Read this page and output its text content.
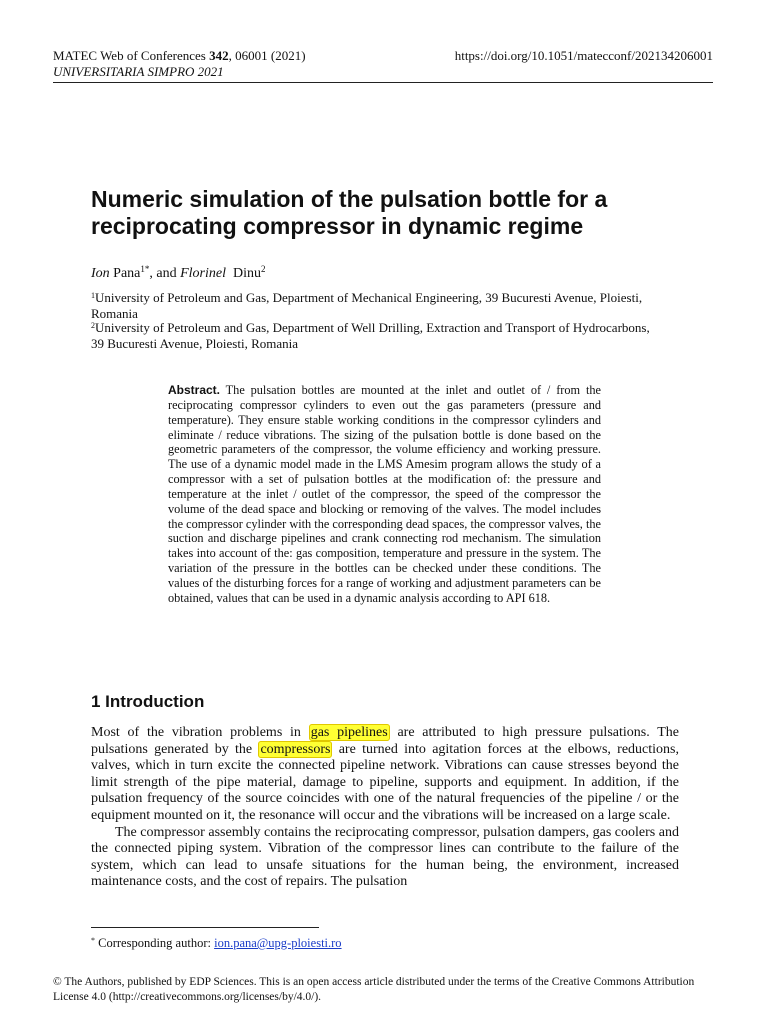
MATEC Web of Conferences 342, 06001 (2021)
UNIVERSITARIA SIMPRO 2021
https://doi.org/10.1051/matecconf/202134206001
Numeric simulation of the pulsation bottle for a reciprocating compressor in dynamic regime
Ion Pana$^{1*}$, and Florinel Dinu$^2$
$^1$University of Petroleum and Gas, Department of Mechanical Engineering, 39 Bucuresti Avenue, Ploiesti, Romania
$^2$University of Petroleum and Gas, Department of Well Drilling, Extraction and Transport of Hydrocarbons, 39 Bucuresti Avenue, Ploiesti, Romania
Abstract. The pulsation bottles are mounted at the inlet and outlet of / from the reciprocating compressor cylinders to even out the gas parameters (pressure and temperature). They ensure stable working conditions in the compressor cylinders and eliminate / reduce vibrations. The sizing of the pulsation bottle is done based on the geometric parameters of the compressor, the volume efficiency and working pressure. The use of a dynamic model made in the LMS Amesim program allows the study of a compressor with a set of pulsation bottles at the modification of: the pressure and temperature at the inlet / outlet of the compressor, the speed of the compressor the volume of the dead space and blocking or removing of the valves. The model includes the compressor cylinder with the corresponding dead spaces, the compressor valves, the suction and discharge pipelines and crank connecting rod mechanism. The simulation takes into account of the: gas composition, temperature and pressure in the system. The variation of the pressure in the bottles can be checked under these conditions. The values of the disturbing forces for a range of working and adjustment parameters can be obtained, values that can be used in a dynamic analysis according to API 618.
1 Introduction

Most of the vibration problems in gas pipelines are attributed to high pressure pulsations. The pulsations generated by the compressors are turned into agitation forces at the elbows, reductions, valves, which in turn excite the connected pipeline network. Vibrations can cause stresses beyond the limit strength of the pipe material, damage to pipeline, supports and equipment. In addition, if the pulsation frequency of the source coincides with one of the natural frequencies of the pipeline / or the equipment mounted on it, the resonance will occur and the vibrations will be increased on a large scale.

The compressor assembly contains the reciprocating compressor, pulsation dampers, gas coolers and the connected piping system. Vibration of the compressor lines can contribute to the failure of the system, which can lead to unsafe situations for the human being, the environment, increased maintenance costs, and the cost of repairs. The pulsation

* Corresponding author: ion.pana@upg-ploiesti.ro
© The Authors, published by EDP Sciences. This is an open access article distributed under the terms of the Creative Commons Attribution License 4.0 (http://creativecommons.org/licenses/by/4.0/).
